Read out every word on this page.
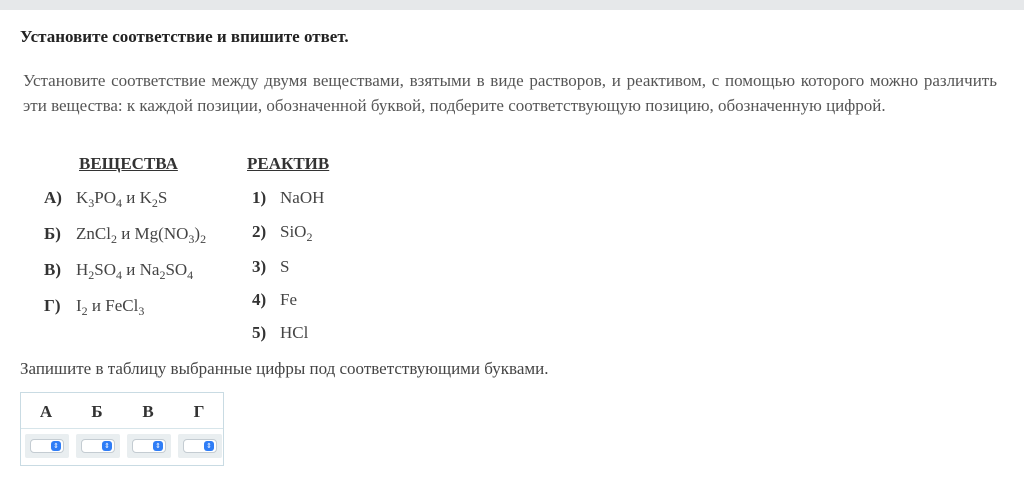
Установите соответствие и впишите ответ.
Установите соответствие между двумя веществами, взятыми в виде растворов, и реактивом, с помощью которого можно различить эти вещества: к каждой позиции, обозначенной буквой, подберите соответствующую позицию, обозначенную цифрой.
ВЕЩЕСТВА	РЕАКТИВ
А) $K_3PO_4$ и $K_2S$
Б) ZnCl$_2$ и $Mg(NO_3)_2$
В) $H_2SO_4$ и $Na_2SO_4$
Г) $I_2$ и FeCl$_3$
1) NaOH
2) SiO$_2$
3) S
4) Fe
5) HCl
Запишите в таблицу выбранные цифры под соответствующими буквами.
А	Б	В	Г
⇕	⇕	⇕	⇕
